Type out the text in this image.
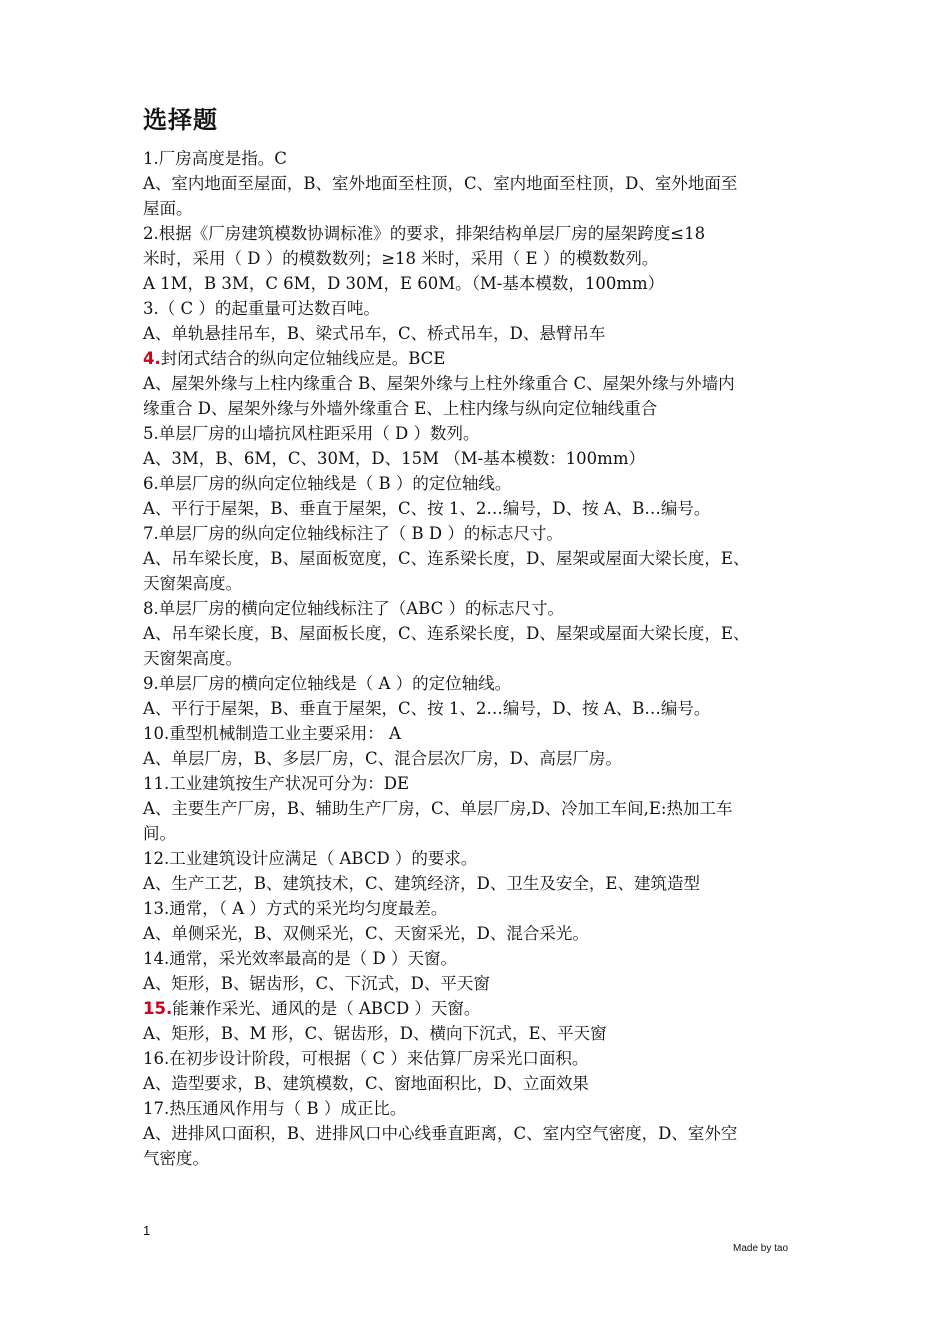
选择题
1.厂房高度是指。C
A、室内地面至屋面，B、室外地面至柱顶，C、室内地面至柱顶，D、室外地面至
屋面。
2.根据《厂房建筑模数协调标准》的要求，排架结构单层厂房的屋架跨度≤18
米时，采用（ D ）的模数数列；≥18 米时，采用（ E ）的模数数列。
A 1M，B 3M，C 6M，D 30M，E 60M。（M-基本模数，100mm）
3.（ C ）的起重量可达数百吨。
A、单轨悬挂吊车，B、梁式吊车，C、桥式吊车，D、悬臂吊车
4.封闭式结合的纵向定位轴线应是。BCE
A、屋架外缘与上柱内缘重合 B、屋架外缘与上柱外缘重合 C、屋架外缘与外墙内
缘重合 D、屋架外缘与外墙外缘重合 E、上柱内缘与纵向定位轴线重合
5.单层厂房的山墙抗风柱距采用（ D ）数列。
A、3M，B、6M，C、30M，D、15M （M-基本模数：100mm）
6.单层厂房的纵向定位轴线是（ B ）的定位轴线。
A、平行于屋架，B、垂直于屋架，C、按 1、2…编号，D、按 A、B…编号。
7.单层厂房的纵向定位轴线标注了（ B D ）的标志尺寸。
A、吊车梁长度，B、屋面板宽度，C、连系梁长度，D、屋架或屋面大梁长度，E、
天窗架高度。
8.单层厂房的横向定位轴线标注了（ABC ）的标志尺寸。
A、吊车梁长度，B、屋面板长度，C、连系梁长度，D、屋架或屋面大梁长度，E、
天窗架高度。
9.单层厂房的横向定位轴线是（ A ）的定位轴线。
A、平行于屋架，B、垂直于屋架，C、按 1、2…编号，D、按 A、B…编号。
10.重型机械制造工业主要采用： A
A、单层厂房，B、多层厂房，C、混合层次厂房，D、高层厂房。
11.工业建筑按生产状况可分为：DE
A、主要生产厂房，B、辅助生产厂房，C、单层厂房,D、冷加工车间,E:热加工车
间。
12.工业建筑设计应满足（ ABCD ）的要求。
A、生产工艺，B、建筑技术，C、建筑经济，D、卫生及安全，E、建筑造型
13.通常，（ A ）方式的采光均匀度最差。
A、单侧采光，B、双侧采光，C、天窗采光，D、混合采光。
14.通常，采光效率最高的是（ D ）天窗。
A、矩形，B、锯齿形，C、下沉式，D、平天窗
15.能兼作采光、通风的是（ ABCD ）天窗。
A、矩形，B、M 形，C、锯齿形，D、横向下沉式，E、平天窗
16.在初步设计阶段，可根据（ C ）来估算厂房采光口面积。
A、造型要求，B、建筑模数，C、窗地面积比，D、立面效果
17.热压通风作用与（ B ）成正比。
A、进排风口面积，B、进排风口中心线垂直距离，C、室内空气密度，D、室外空
气密度。
1
Made by tao
